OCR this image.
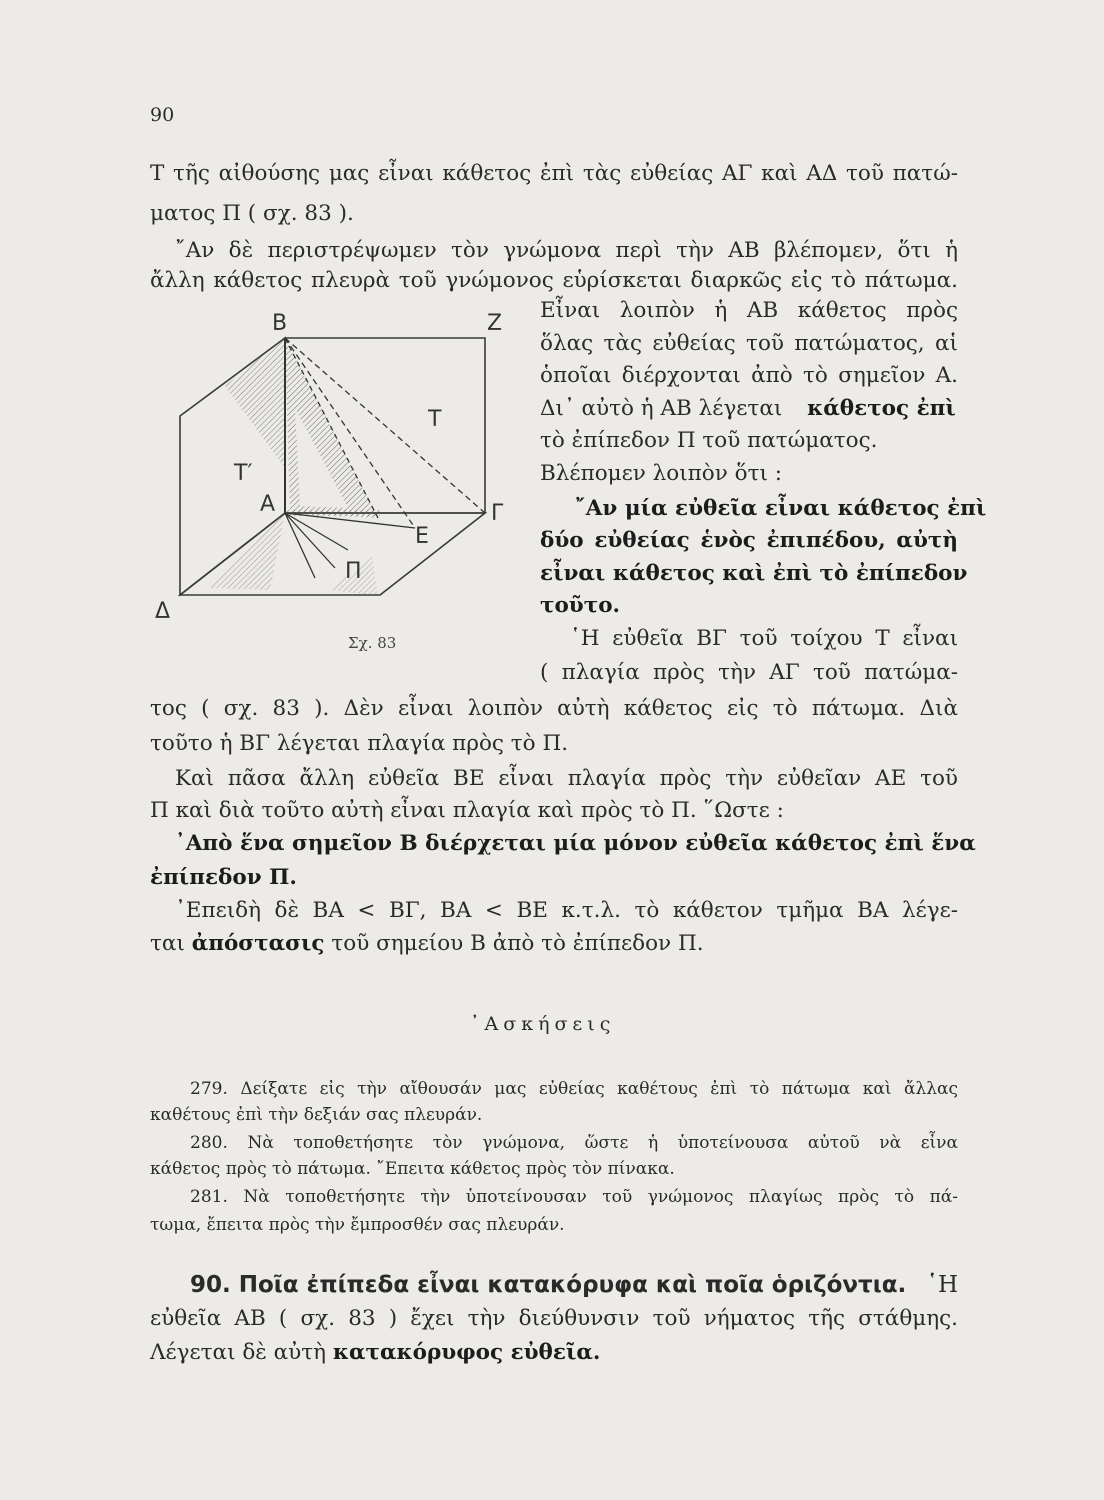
90
Τ τῆς αἰθούσης μας εἶναι κάθετος ἐπὶ τὰς εὐθείας ΑΓ καὶ ΑΔ τοῦ πατώ-
ματος Π ( σχ. 83 ).
῎Αν δὲ περιστρέψωμεν τὸν γνώμονα περὶ τὴν ΑΒ βλέπομεν, ὅτι ἡ
ἄλλη κάθετος πλευρὰ τοῦ γνώμονος εὑρίσκεται διαρκῶς εἰς τὸ πάτωμα.
Εἶναι λοιπὸν ἡ ΑΒ κάθετος πρὸς
ὅλας τὰς εὐθείας τοῦ πατώματος, αἱ
ὁποῖαι διέρχονται ἀπὸ τὸ σημεῖον Α.
Δι᾿ αὐτὸ ἡ ΑΒ λέγεται κάθετος ἐπὶ
τὸ ἐπίπεδον Π τοῦ πατώματος.
Βλέπομεν λοιπὸν ὅτι :
῎Αν μία εὐθεῖα εἶναι κάθετος ἐπὶ
δύο εὐθείας ἑνὸς ἐπιπέδου, αὐτὴ
εἶναι κάθετος καὶ ἐπὶ τὸ ἐπίπεδον
τοῦτο.
῾Η εὐθεῖα ΒΓ τοῦ τοίχου Τ εἶναι
( πλαγία πρὸς τὴν ΑΓ τοῦ πατώμα-
Β	Ζ
Τ
Τ′
Α	Γ
Ε
Π
Δ
Σχ. 83
τος ( σχ. 83 ). Δὲν εἶναι λοιπὸν αὐτὴ κάθετος εἰς τὸ πάτωμα. Διὰ
τοῦτο ἡ ΒΓ λέγεται πλαγία πρὸς τὸ Π.
Καὶ πᾶσα ἄλλη εὐθεῖα ΒΕ εἶναι πλαγία πρὸς τὴν εὐθεῖαν ΑΕ τοῦ
Π καὶ διὰ τοῦτο αὐτὴ εἶναι πλαγία καὶ πρὸς τὸ Π. ῞Ωστε :
᾿Απὸ ἕνα σημεῖον Β διέρχεται μία μόνον εὐθεῖα κάθετος ἐπὶ ἕνα
ἐπίπεδον Π.
᾿Επειδὴ δὲ ΒΑ < ΒΓ, ΒΑ < ΒΕ κ.τ.λ. τὸ κάθετον τμῆμα ΒΑ λέγε-
ται ἀπόστασις τοῦ σημείου Β ἀπὸ τὸ ἐπίπεδον Π.
᾿Ασκήσεις
279. Δείξατε εἰς τὴν αἴθουσάν μας εὐθείας καθέτους ἐπὶ τὸ πάτωμα καὶ ἄλλας
καθέτους ἐπὶ τὴν δεξιάν σας πλευράν.
280. Νὰ τοποθετήσητε τὸν γνώμονα, ὥστε ἡ ὑποτείνουσα αὐτοῦ νὰ εἶνα
κάθετος πρὸς τὸ πάτωμα. ῎Επειτα κάθετος πρὸς τὸν πίνακα.
281. Νὰ τοποθετήσητε τὴν ὑποτείνουσαν τοῦ γνώμονος πλαγίως πρὸς τὸ πά-
τωμα, ἔπειτα πρὸς τὴν ἔμπροσθέν σας πλευράν.
90. Ποῖα ἐπίπεδα εἶναι κατακόρυφα καὶ ποῖα ὁριζόντια. ῾Η
εὐθεῖα ΑΒ ( σχ. 83 ) ἔχει τὴν διεύθυνσιν τοῦ νήματος τῆς στάθμης.
Λέγεται δὲ αὐτὴ κατακόρυφος εὐθεῖα.
